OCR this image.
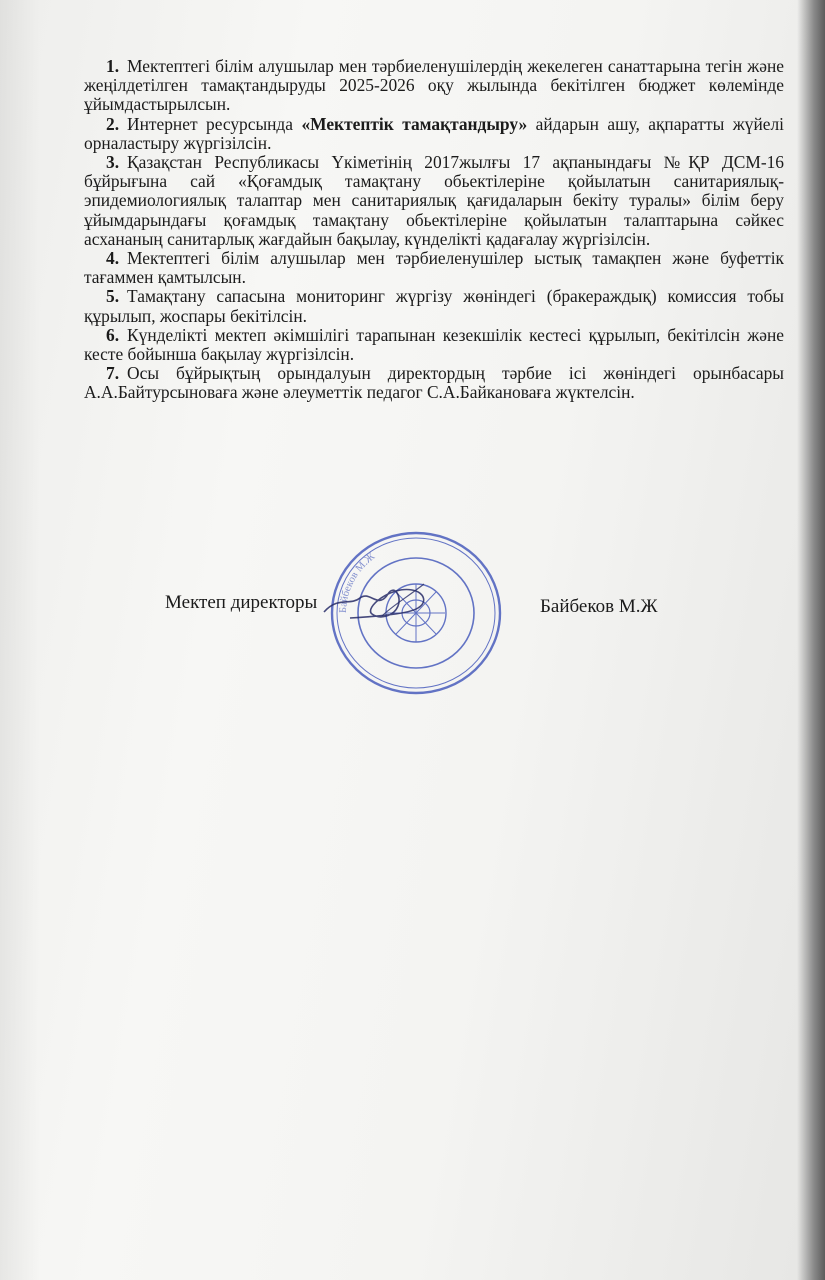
1. Мектептегі білім алушылар мен тәрбиеленушілердің жекелеген санаттарына тегін және жеңілдетілген тамақтандыруды 2025-2026 оқу жылында бекітілген бюджет көлемінде ұйымдастырылсын.

2. Интернет ресурсында «Мектептік тамақтандыру» айдарын ашу, ақпаратты жүйелі орналастыру жүргізілсін.

3. Қазақстан Республикасы Үкіметінің 2017жылғы 17 ақпанындағы №ҚР ДСМ-16 бұйрығына сай «Қоғамдық тамақтану обьектілеріне қойылатын санитариялық-эпидемиологиялық талаптар мен санитариялық қағидаларын бекіту туралы» білім беру ұйымдарындағы қоғамдық тамақтану обьектілеріне қойылатын талаптарына сәйкес асхананың санитарлық жағдайын бақылау, күнделікті қадағалау жүргізілсін.

4. Мектептегі білім алушылар мен тәрбиеленушілер ыстық тамақпен және буфеттік тағаммен қамтылсын.

5. Тамақтану сапасына мониторинг жүргізу жөніндегі (бракераждық) комиссия тобы құрылып, жоспары бекітілсін.

6. Күнделікті мектеп әкімшілігі тарапынан кезекшілік кестесі құрылып, бекітілсін және кесте бойынша бақылау жүргізілсін.

7. Осы бұйрықтың орындалуын директордың тәрбие ісі жөніндегі орынбасары А.А.Байтурсыноваға және әлеуметтік педагог С.А.Байкановаға жүктелсін.

Мектеп директоры	Байбеков М.Ж
Байбеков М.Ж
